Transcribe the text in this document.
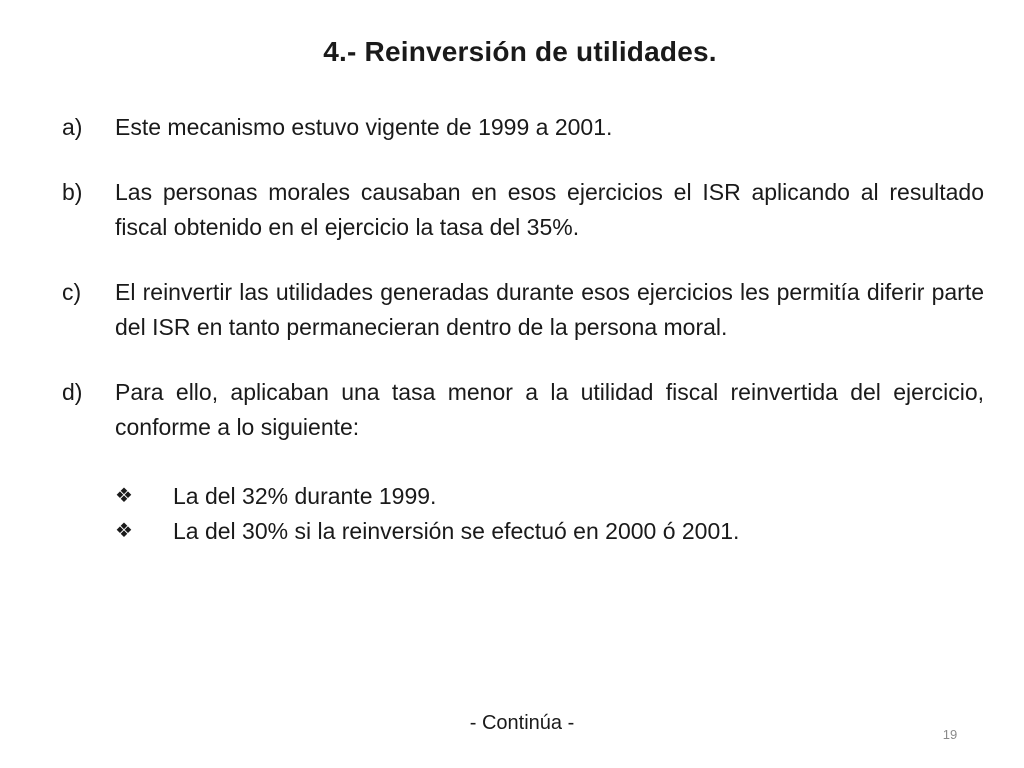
4.- Reinversión de utilidades.
a)	Este mecanismo estuvo vigente de 1999 a 2001.
b)	Las personas morales causaban en esos ejercicios el ISR aplicando al resultado fiscal obtenido en el ejercicio la tasa del 35%.
c)	El reinvertir las utilidades generadas durante esos ejercicios les permitía diferir parte del ISR en tanto permanecieran dentro de la persona moral.
d)	Para ello, aplicaban una tasa menor a la utilidad fiscal reinvertida del ejercicio, conforme a lo siguiente:
❖	La del 32% durante 1999.
❖	La del 30% si la reinversión se efectuó en 2000 ó 2001.
- Continúa -
19
